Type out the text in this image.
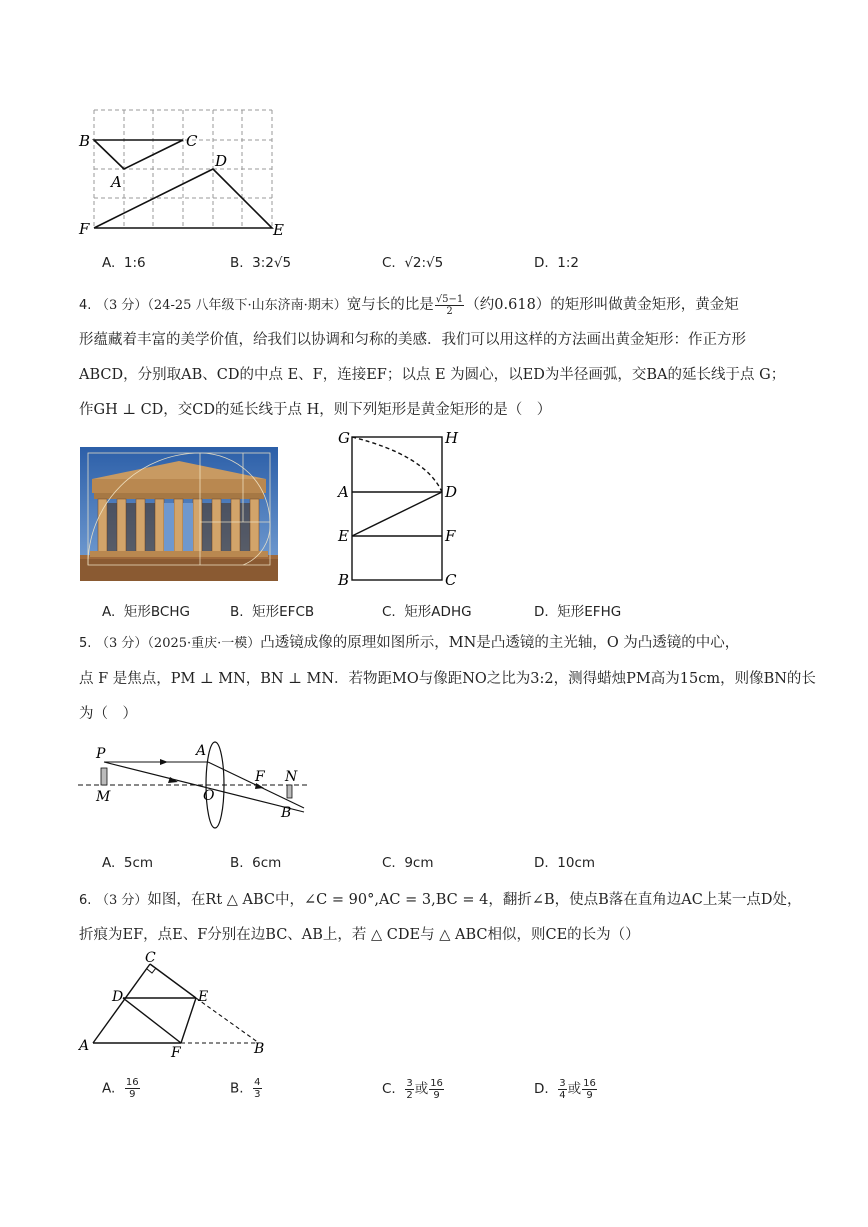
B	C
A
D
F	E
A. 1:6	B. 3:2√5	C. √2:√5	D. 1:2
4. （3 分）（24-25 八年级下·山东济南·期末）宽与长的比是 $\frac{√5-1}{2}$ （约0.618）的矩形叫做黄金矩形，黄金矩
形蕴藏着丰富的美学价值，给我们以协调和匀称的美感．我们可以用这样的方法画出黄金矩形：作正方形
ABCD，分别取AB、CD的中点 E、F，连接EF；以点 E 为圆心，以ED为半径画弧，交BA的延长线于点 G；
作GH ⊥ CD，交CD的延长线于点 H，则下列矩形是黄金矩形的是（　）
G	H
A	D
E	F
B	C
A. 矩形BCHG	B. 矩形EFCB	C. 矩形ADHG	D. 矩形EFHG
5. （3 分）（2025·重庆·一模）凸透镜成像的原理如图所示，MN是凸透镜的主光轴，O 为凸透镜的中心，
点 F 是焦点，PM ⊥ MN，BN ⊥ MN．若物距MO与像距NO之比为3:2，测得蜡烛PM高为15cm，则像BN的长
为（　）
P	A
F N
M	O
B
A. 5cm	B. 6cm	C. 9cm	D. 10cm
6. （3 分）如图，在Rt △ ABC中，∠C = 90°,AC = 3,BC = 4，翻折∠B，使点B落在直角边AC上某一点D处，
折痕为EF，点E、F分别在边BC、AB上，若 △ CDE与 △ ABC相似，则CE的长为（）
C
D	E
A	F	B
A. $\frac{16}{9}$	B. $\frac{4}{3}$	C. $\frac{3}{2}$ 或 $\frac{16}{9}$	D. $\frac{3}{4}$ 或 $\frac{16}{9}$
